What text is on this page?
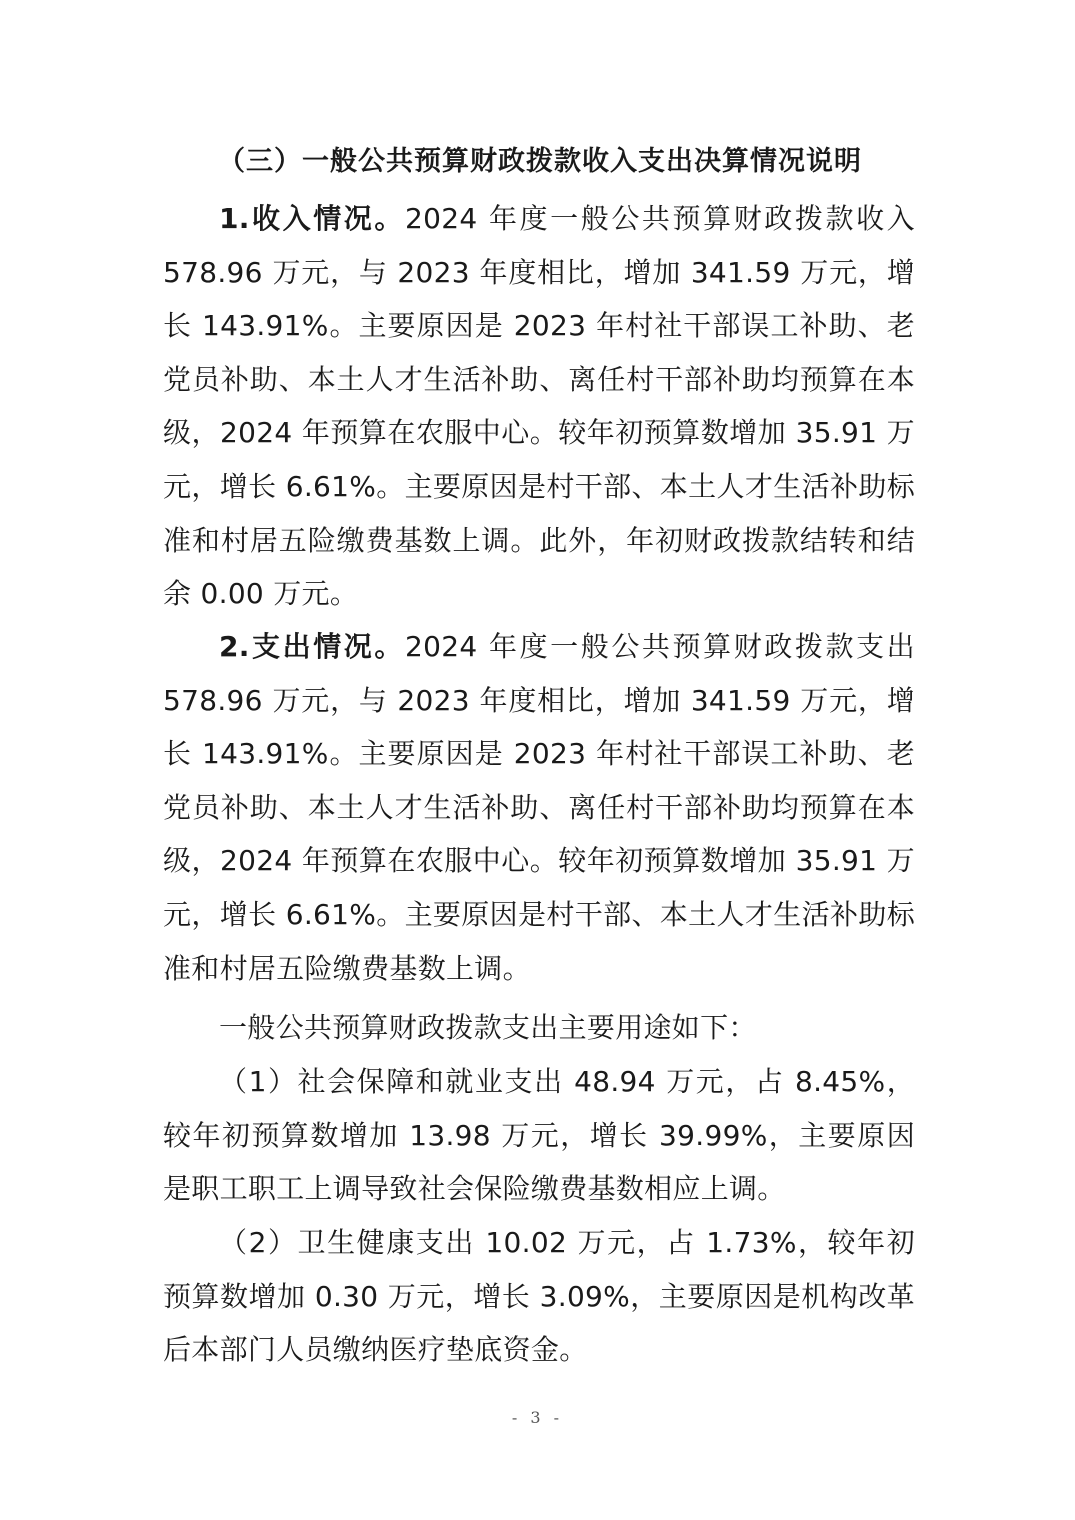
（三）一般公共预算财政拨款收入支出决算情况说明

1.收入情况。2024 年度一般公共预算财政拨款收入 578.96 万元，与 2023 年度相比，增加 341.59 万元，增长 143.91%。主要原因是 2023 年村社干部误工补助、老党员补助、本土人才生活补助、离任村干部补助均预算在本级，2024 年预算在农服中心。较年初预算数增加 35.91 万元，增长 6.61%。主要原因是村干部、本土人才生活补助标准和村居五险缴费基数上调。此外，年初财政拨款结转和结余 0.00 万元。

2.支出情况。2024 年度一般公共预算财政拨款支出 578.96 万元，与 2023 年度相比，增加 341.59 万元，增长 143.91%。主要原因是 2023 年村社干部误工补助、老党员补助、本土人才生活补助、离任村干部补助均预算在本级，2024 年预算在农服中心。较年初预算数增加 35.91 万元，增长 6.61%。主要原因是村干部、本土人才生活补助标准和村居五险缴费基数上调。

一般公共预算财政拨款支出主要用途如下：

（1）社会保障和就业支出 48.94 万元，占 8.45%，较年初预算数增加 13.98 万元，增长 39.99%，主要原因是职工职工上调导致社会保险缴费基数相应上调。

（2）卫生健康支出 10.02 万元，占 1.73%，较年初预算数增加 0.30 万元，增长 3.09%，主要原因是机构改革后本部门人员缴纳医疗垫底资金。

- 3 -
